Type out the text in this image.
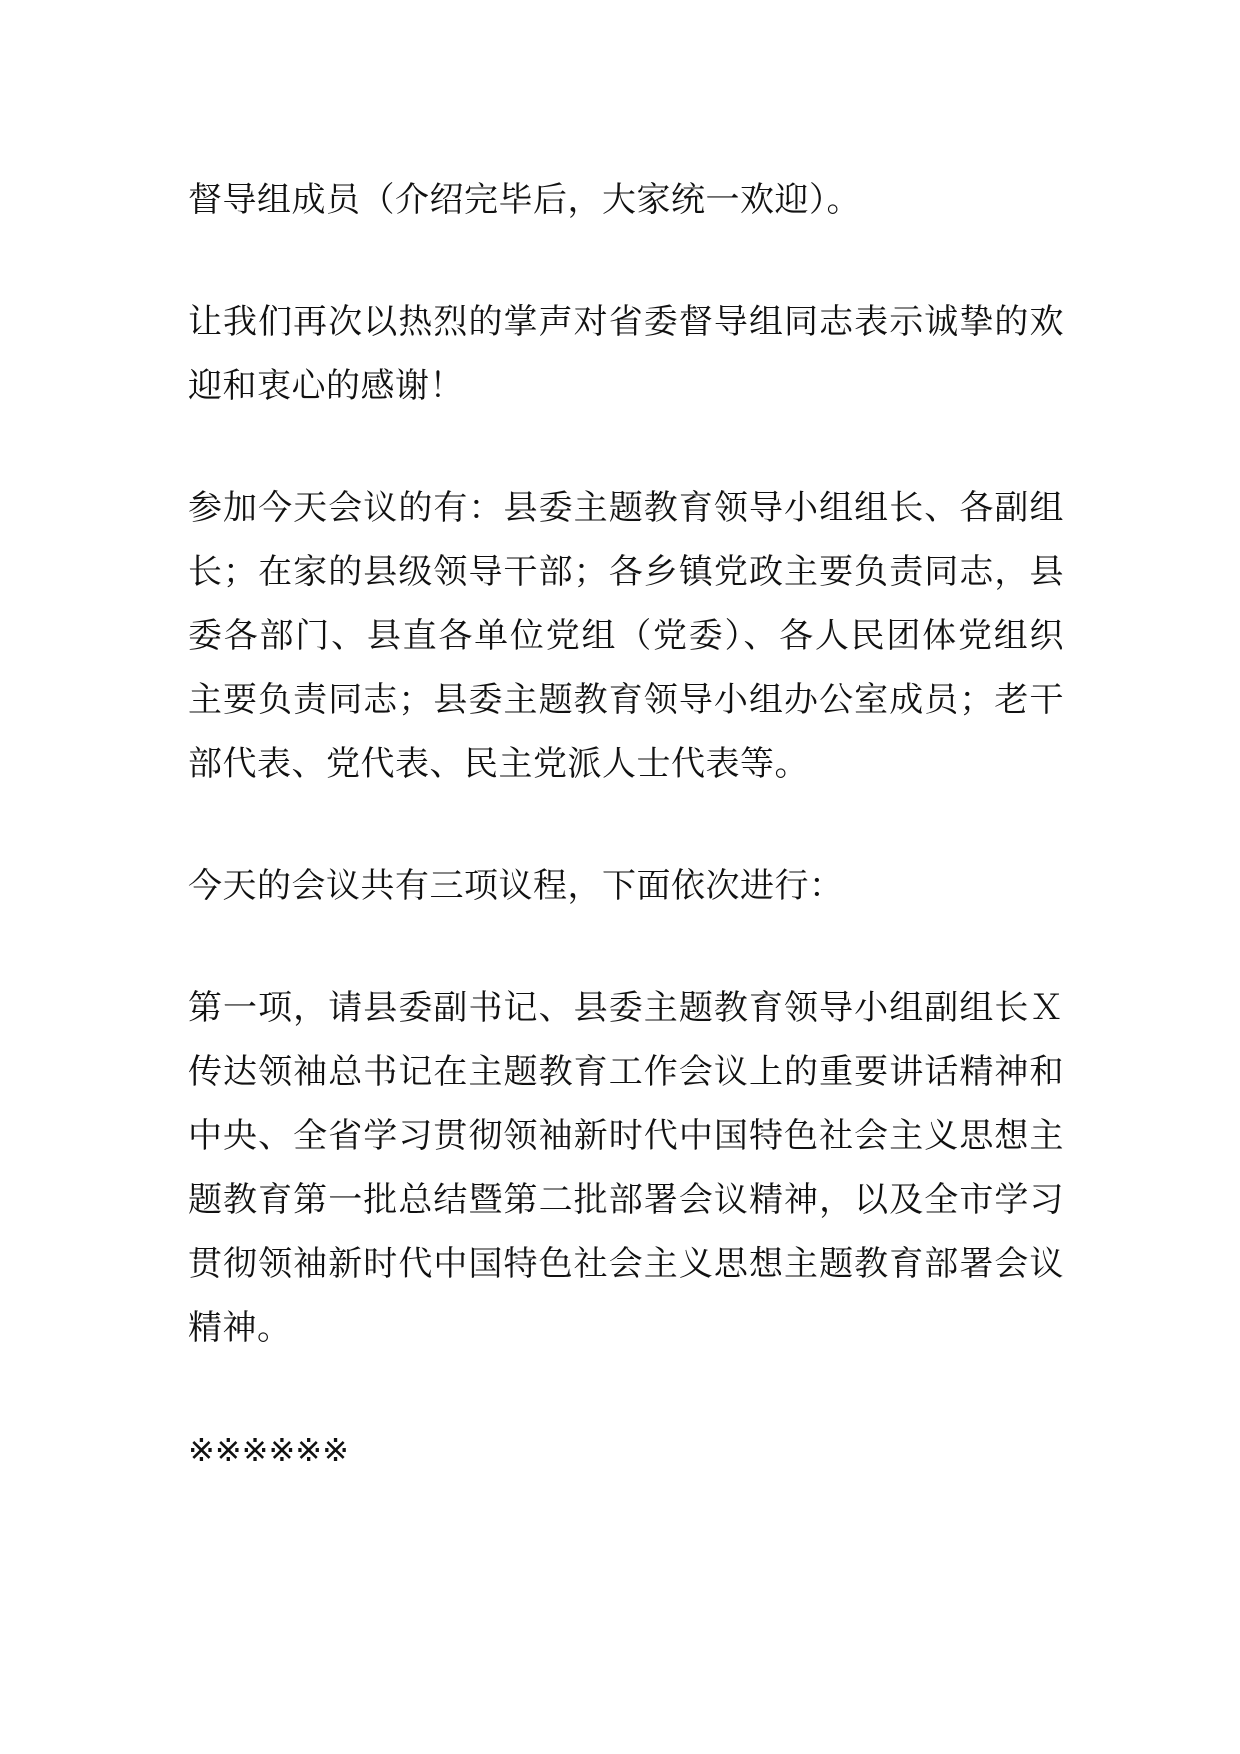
督导组成员（介绍完毕后，大家统一欢迎）。

让我们再次以热烈的掌声对省委督导组同志表示诚挚的欢迎和衷心的感谢！

参加今天会议的有：县委主题教育领导小组组长、各副组长；在家的县级领导干部；各乡镇党政主要负责同志，县委各部门、县直各单位党组（党委）、各人民团体党组织主要负责同志；县委主题教育领导小组办公室成员；老干部代表、党代表、民主党派人士代表等。

今天的会议共有三项议程，下面依次进行：

第一项，请县委副书记、县委主题教育领导小组副组长Ｘ传达领袖总书记在主题教育工作会议上的重要讲话精神和中央、全省学习贯彻领袖新时代中国特色社会主义思想主题教育第一批总结暨第二批部署会议精神，以及全市学习贯彻领袖新时代中国特色社会主义思想主题教育部署会议精神。

※※※※※※
